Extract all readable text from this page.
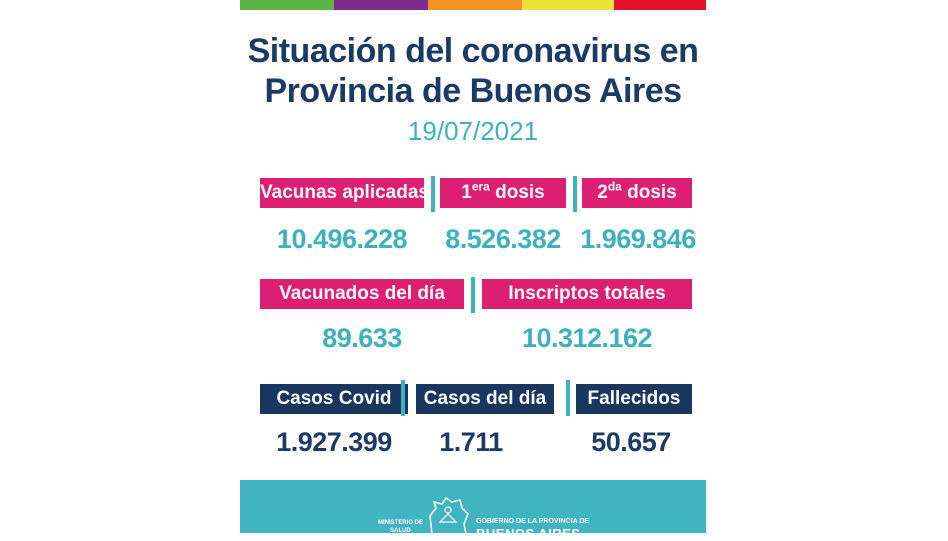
Situación del coronavirus en
Provincia de Buenos Aires
19/07/2021
Vacunas aplicadas	$1^{era}$ dosis	$2^{da}$ dosis
10.496.228	8.526.382 1.969.846
Vacunados del día	Inscriptos totales
89.633	10.312.162
Casos Covid	Casos del día	Fallecidos
1.927.399	1.711	50.657
MINISTERIO DE
SALUD
GOBIERNO DE LA PROVINCIA DE
BUENOS AIRES
